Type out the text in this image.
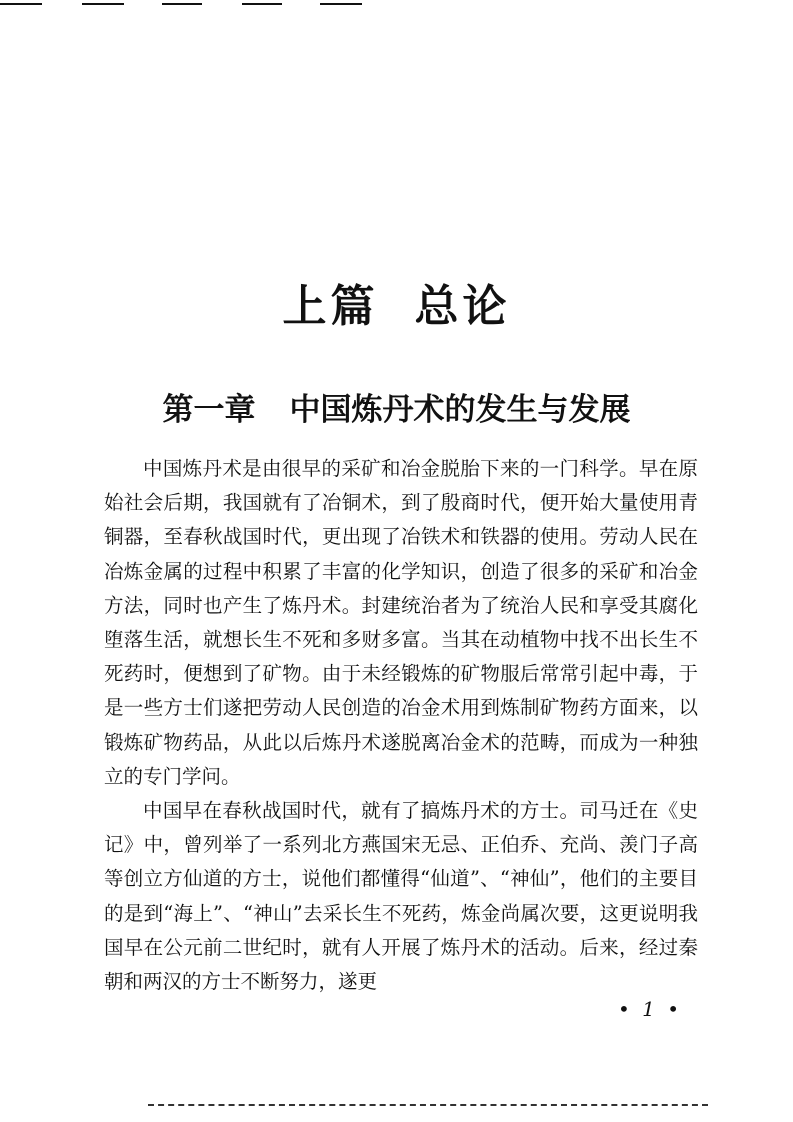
上篇 总论
第一章 中国炼丹术的发生与发展

中国炼丹术是由很早的采矿和冶金脱胎下来的一门科学。早在原始社会后期，我国就有了冶铜术，到了殷商时代，便开始大量使用青铜器，至春秋战国时代，更出现了冶铁术和铁器的使用。劳动人民在冶炼金属的过程中积累了丰富的化学知识，创造了很多的采矿和冶金方法，同时也产生了炼丹术。封建统治者为了统治人民和享受其腐化堕落生活，就想长生不死和多财多富。当其在动植物中找不出长生不死药时，便想到了矿物。由于未经锻炼的矿物服后常常引起中毒，于是一些方士们遂把劳动人民创造的冶金术用到炼制矿物药方面来，以锻炼矿物药品，从此以后炼丹术遂脱离冶金术的范畴，而成为一种独立的专门学问。

中国早在春秋战国时代，就有了搞炼丹术的方士。司马迁在《史记》中，曾列举了一系列北方燕国宋无忌、正伯乔、充尚、羡门子高等创立方仙道的方士，说他们都懂得“仙道”、“神仙”，他们的主要目的是到“海上”、“神山”去采长生不死药，炼金尚属次要，这更说明我国早在公元前二世纪时，就有人开展了炼丹术的活动。后来，经过秦朝和两汉的方士不断努力，遂更

• 1 •
